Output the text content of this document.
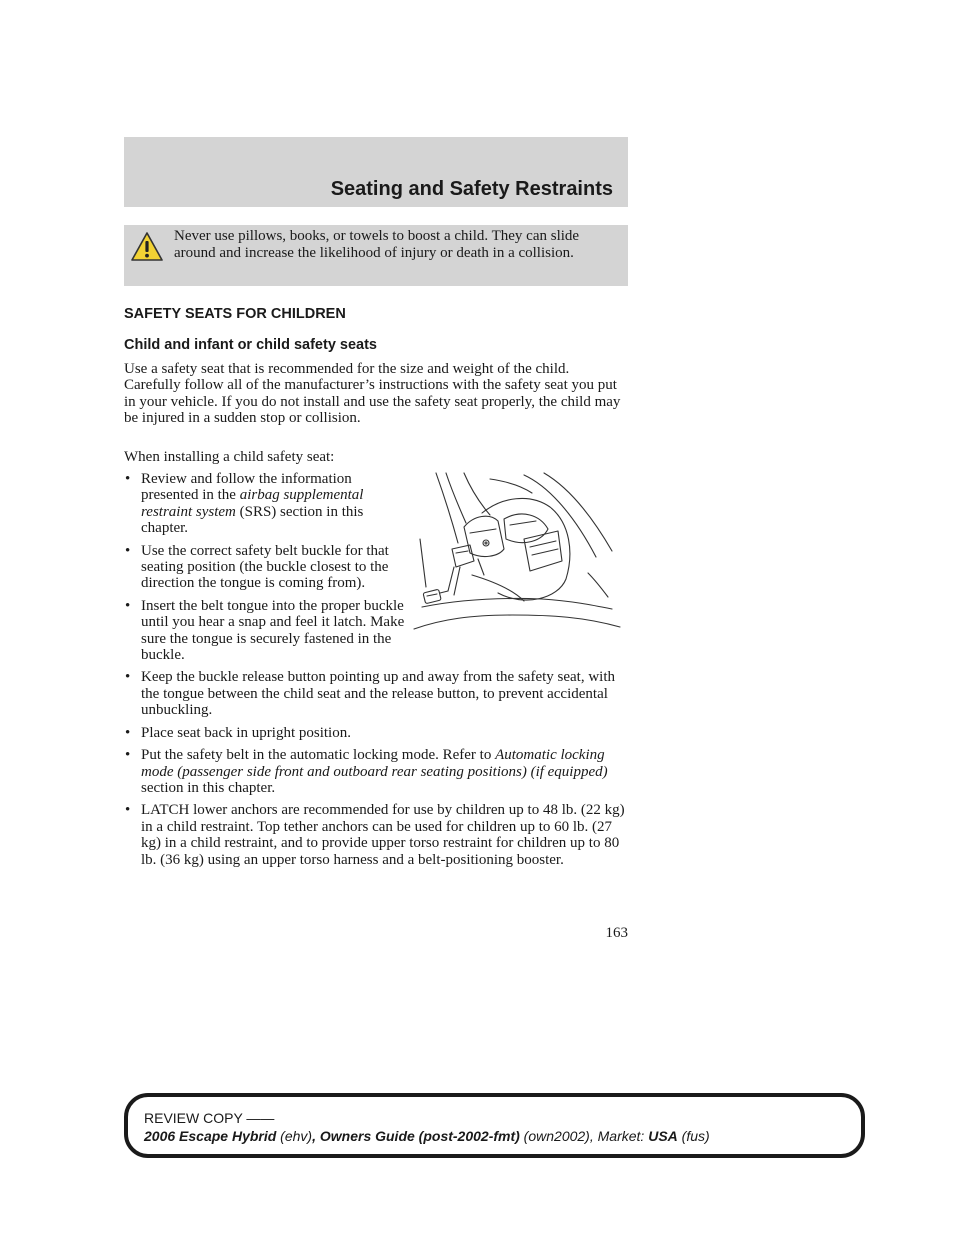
Seating and Safety Restraints
Never use pillows, books, or towels to boost a child. They can slide around and increase the likelihood of injury or death in a collision.
SAFETY SEATS FOR CHILDREN
Child and infant or child safety seats

Use a safety seat that is recommended for the size and weight of the child. Carefully follow all of the manufacturer’s instructions with the safety seat you put in your vehicle. If you do not install and use the safety seat properly, the child may be injured in a sudden stop or collision.

When installing a child safety seat:

• Review and follow the information presented in the airbag supplemental restraint system (SRS) section in this chapter.
• Use the correct safety belt buckle for that seating position (the buckle closest to the direction the tongue is coming from).
• Insert the belt tongue into the proper buckle until you hear a snap and feel it latch. Make sure the tongue is securely fastened in the buckle.
• Keep the buckle release button pointing up and away from the safety seat, with the tongue between the child seat and the release button, to prevent accidental unbuckling.
• Place seat back in upright position.
• Put the safety belt in the automatic locking mode. Refer to Automatic locking mode (passenger side front and outboard rear seating positions) (if equipped) section in this chapter.
• LATCH lower anchors are recommended for use by children up to 48 lb. (22 kg) in a child restraint. Top tether anchors can be used for children up to 60 lb. (27 kg) in a child restraint, and to provide upper torso restraint for children up to 80 lb. (36 kg) using an upper torso harness and a belt-positioning booster.

163

REVIEW COPY ——
2006 Escape Hybrid (ehv), Owners Guide (post-2002-fmt) (own2002), Market: USA (fus)
